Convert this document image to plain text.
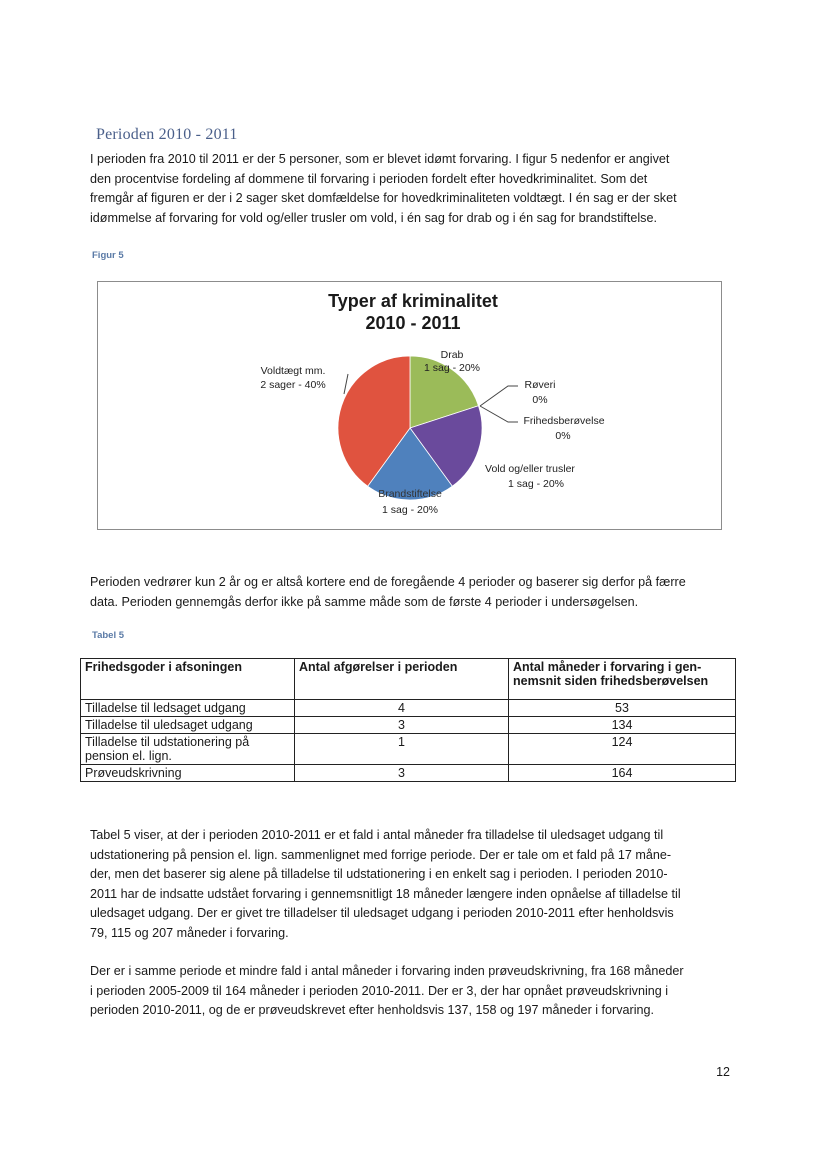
Perioden 2010 - 2011

I perioden fra 2010 til 2011 er der 5 personer, som er blevet idømt forvaring. I figur 5 nedenfor er angivet

den procentvise fordeling af dommene til forvaring i perioden fordelt efter hovedkriminalitet. Som det

fremgår af figuren er der i 2 sager sket domfældelse for hovedkriminaliteten voldtægt. I én sag er der sket

idømmelse af forvaring for vold og/eller trusler om vold, i én sag for drab og i én sag for brandstiftelse.

Figur 5
Typer af kriminalitet
2010 - 2011
Drab
1 sag - 20%
Røveri
0%
Frihedsberøvelse
0%
Vold og/eller trusler
1 sag - 20%
Brandstiftelse
1 sag - 20%
Voldtægt mm.
2 sager - 40%

Perioden vedrører kun 2 år og er altså kortere end de foregående 4 perioder og baserer sig derfor på færre

data. Perioden gennemgås derfor ikke på samme måde som de første 4 perioder i undersøgelsen.

Tabel 5
Frihedsgoder i afsoningen	Antal afgørelser i perioden	Antal måneder i forvaring i gen-
nemsnit siden frihedsberøvelsen

Tilladelse til ledsaget udgang	4	53
Tilladelse til uledsaget udgang	3	134

Tilladelse til udstationering på
pension el. lign.	1	124
Prøveudskrivning	3	164

Tabel 5 viser, at der i perioden 2010-2011 er et fald i antal måneder fra tilladelse til uledsaget udgang til

udstationering på pension el. lign. sammenlignet med forrige periode. Der er tale om et fald på 17 måne-

der, men det baserer sig alene på tilladelse til udstationering i en enkelt sag i perioden. I perioden 2010-

2011 har de indsatte udstået forvaring i gennemsnitligt 18 måneder længere inden opnåelse af tilladelse til

uledsaget udgang. Der er givet tre tilladelser til uledsaget udgang i perioden 2010-2011 efter henholdsvis

79, 115 og 207 måneder i forvaring.

Der er i samme periode et mindre fald i antal måneder i forvaring inden prøveudskrivning, fra 168 måneder

i perioden 2005-2009 til 164 måneder i perioden 2010-2011. Der er 3, der har opnået prøveudskrivning i

perioden 2010-2011, og de er prøveudskrevet efter henholdsvis 137, 158 og 197 måneder i forvaring.

12
